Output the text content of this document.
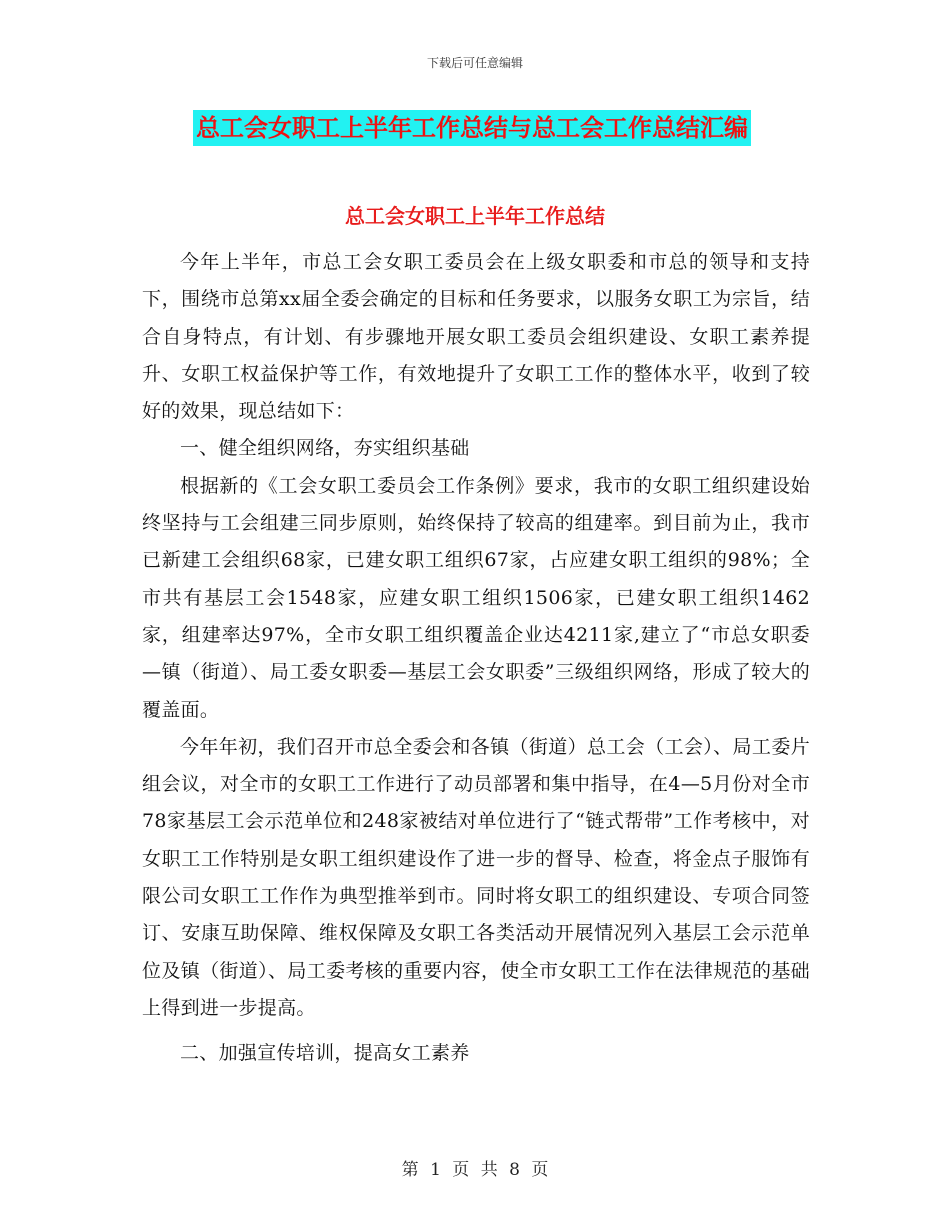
下载后可任意编辑
总工会女职工上半年工作总结与总工会工作总结汇编
总工会女职工上半年工作总结

今年上半年，市总工会女职工委员会在上级女职委和市总的领导和支持下，围绕市总第xx届全委会确定的目标和任务要求，以服务女职工为宗旨，结合自身特点，有计划、有步骤地开展女职工委员会组织建设、女职工素养提升、女职工权益保护等工作，有效地提升了女职工工作的整体水平，收到了较好的效果，现总结如下：

一、健全组织网络，夯实组织基础

根据新的《工会女职工委员会工作条例》要求，我市的女职工组织建设始终坚持与工会组建三同步原则，始终保持了较高的组建率。到目前为止，我市已新建工会组织68家，已建女职工组织67家，占应建女职工组织的98%；全市共有基层工会1548家，应建女职工组织1506家，已建女职工组织1462家，组建率达97%，全市女职工组织覆盖企业达4211家,建立了“市总女职委—镇（街道）、局工委女职委—基层工会女职委”三级组织网络，形成了较大的覆盖面。

今年年初，我们召开市总全委会和各镇（街道）总工会（工会）、局工委片组会议，对全市的女职工工作进行了动员部署和集中指导，在4—5月份对全市78家基层工会示范单位和248家被结对单位进行了“链式帮带”工作考核中，对女职工工作特别是女职工组织建设作了进一步的督导、检查，将金点子服饰有限公司女职工工作作为典型推举到市。同时将女职工的组织建设、专项合同签订、安康互助保障、维权保障及女职工各类活动开展情况列入基层工会示范单位及镇（街道）、局工委考核的重要内容，使全市女职工工作在法律规范的基础上得到进一步提高。

二、加强宣传培训，提高女工素养

第 1 页 共 8 页
